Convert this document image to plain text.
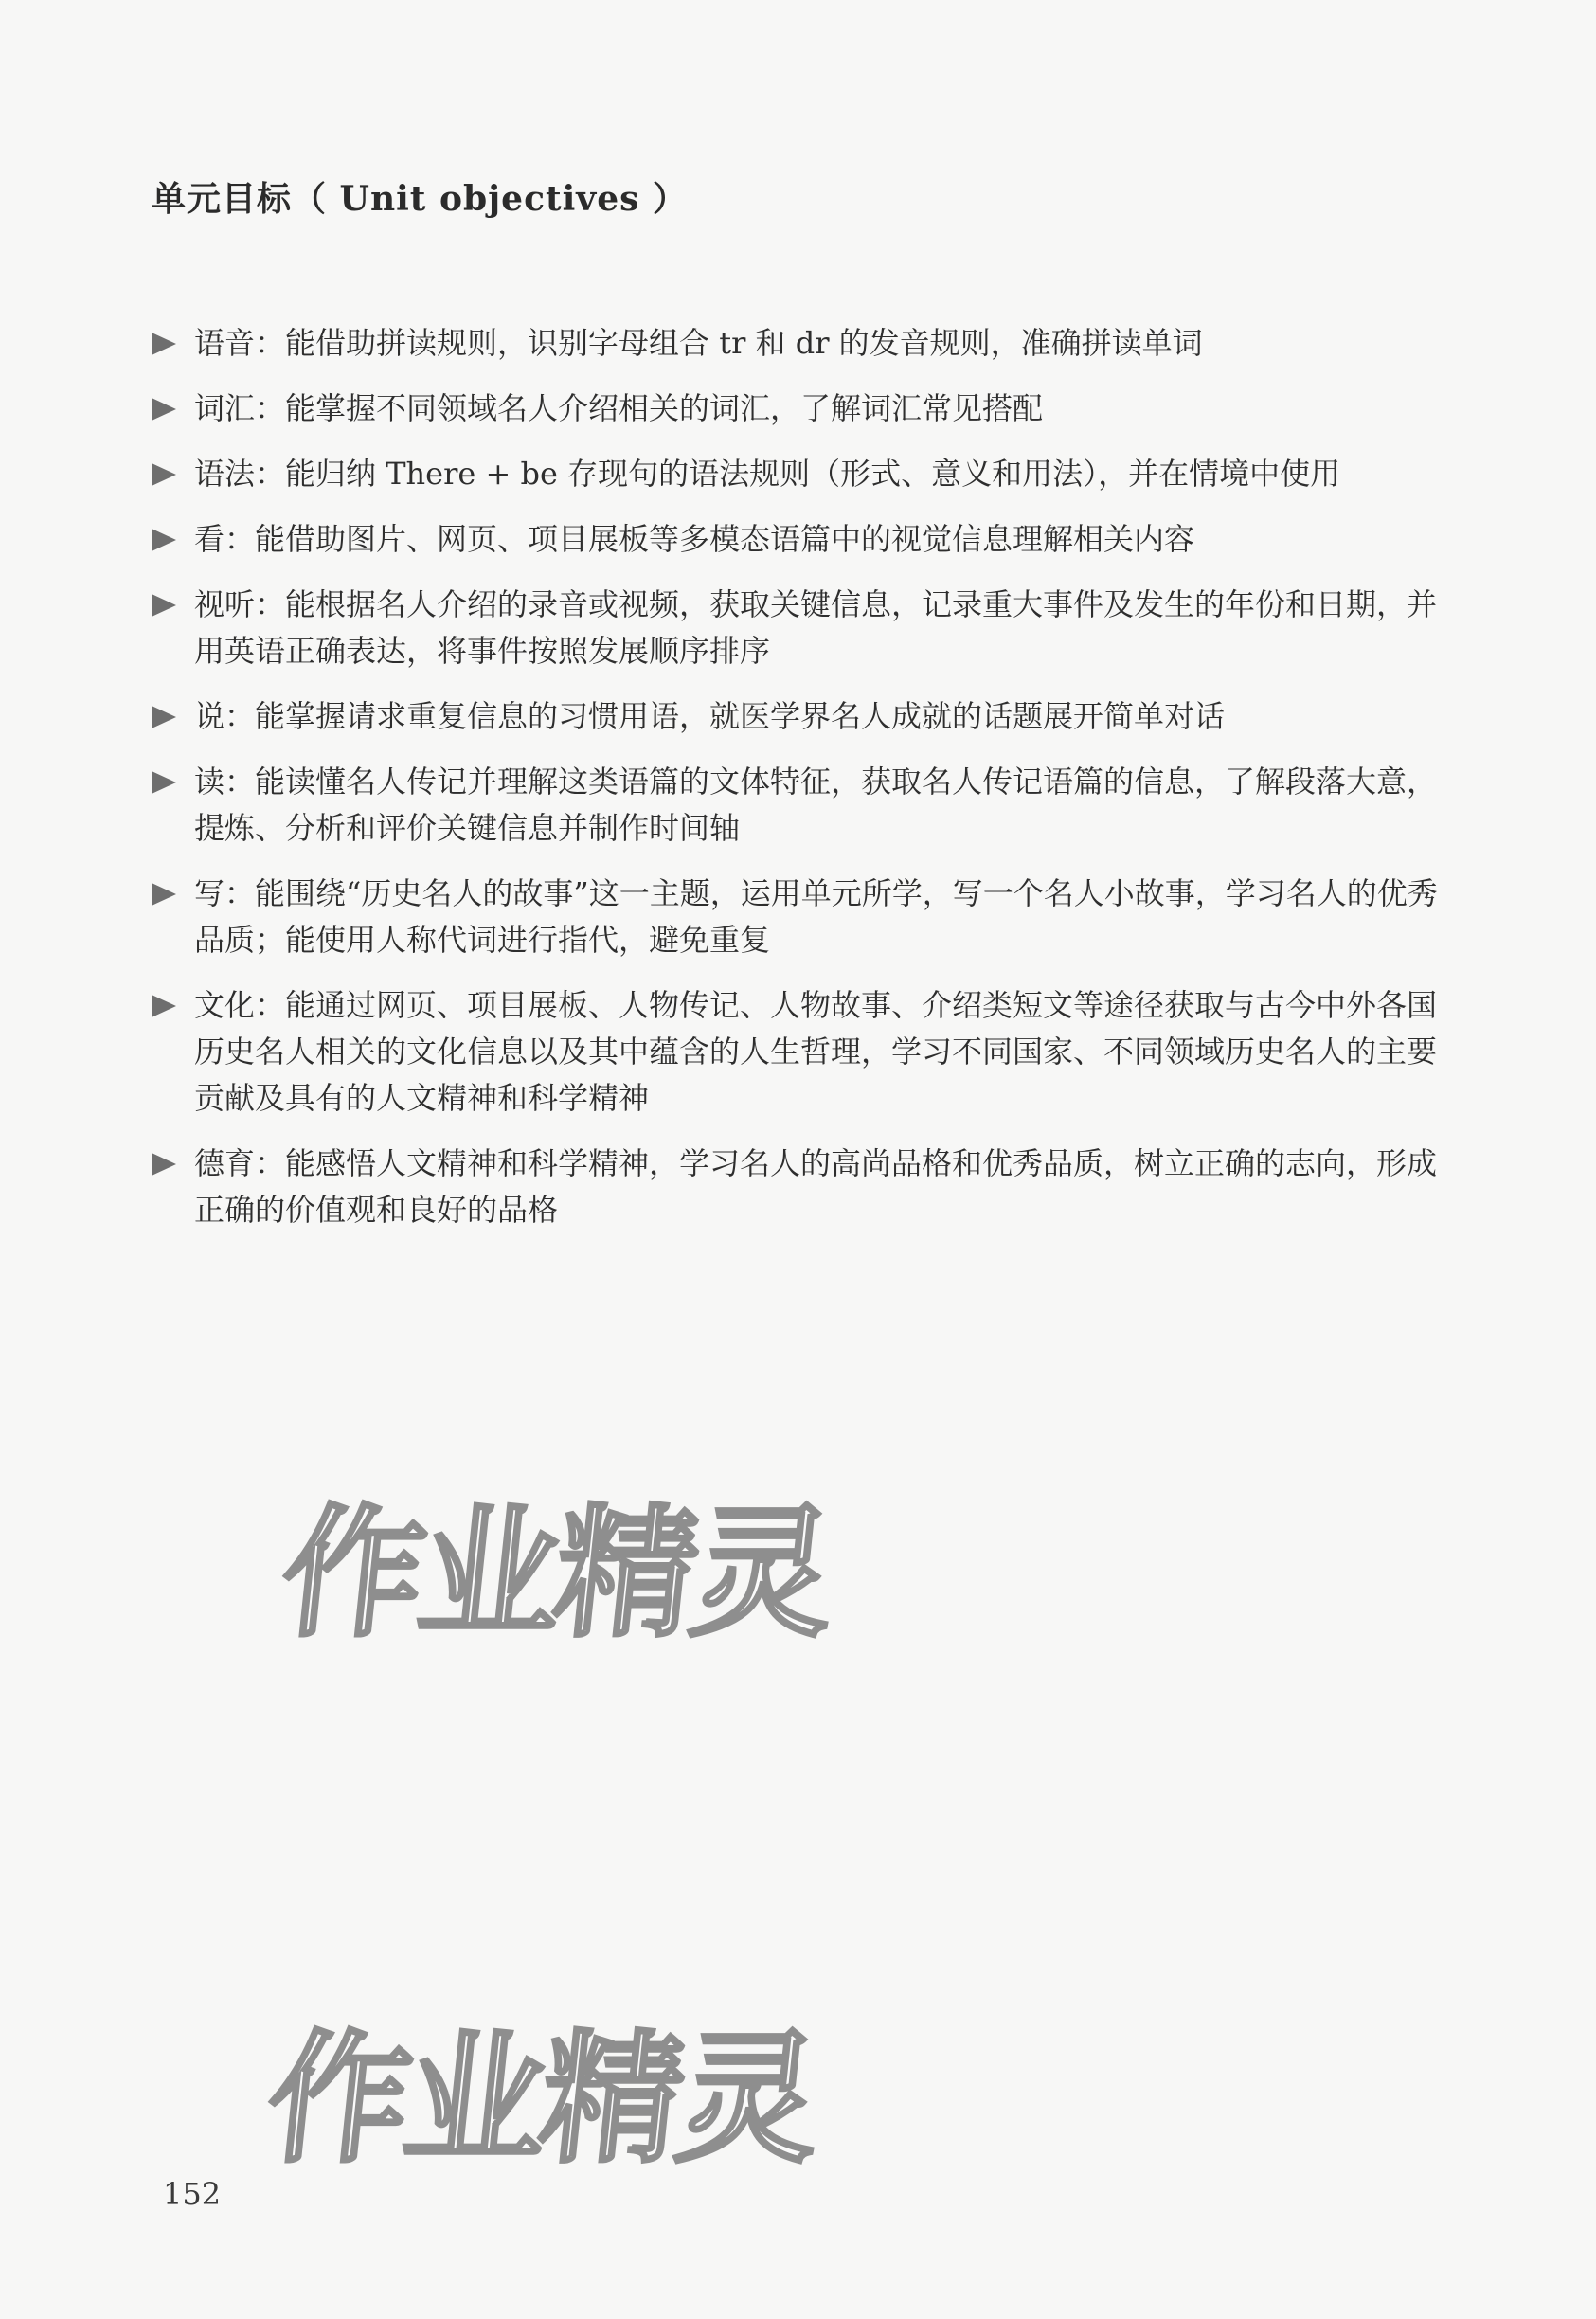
单元目标（ Unit objectives ）
语音：能借助拼读规则，识别字母组合 tr 和 dr 的发音规则，准确拼读单词
词汇：能掌握不同领域名人介绍相关的词汇，了解词汇常见搭配
语法：能归纳 There + be 存现句的语法规则（形式、意义和用法），并在情境中使用
看：能借助图片、网页、项目展板等多模态语篇中的视觉信息理解相关内容
视听：能根据名人介绍的录音或视频，获取关键信息，记录重大事件及发生的年份和日期，并用英语正确表达，将事件按照发展顺序排序
说：能掌握请求重复信息的习惯用语，就医学界名人成就的话题展开简单对话
读：能读懂名人传记并理解这类语篇的文体特征，获取名人传记语篇的信息，了解段落大意，提炼、分析和评价关键信息并制作时间轴
写：能围绕“历史名人的故事”这一主题，运用单元所学，写一个名人小故事，学习名人的优秀品质；能使用人称代词进行指代，避免重复
文化：能通过网页、项目展板、人物传记、人物故事、介绍类短文等途径获取与古今中外各国历史名人相关的文化信息以及其中蕴含的人生哲理，学习不同国家、不同领域历史名人的主要贡献及具有的人文精神和科学精神
德育：能感悟人文精神和科学精神，学习名人的高尚品格和优秀品质，树立正确的志向，形成正确的价值观和良好的品格
作业精灵
作业精灵
152
